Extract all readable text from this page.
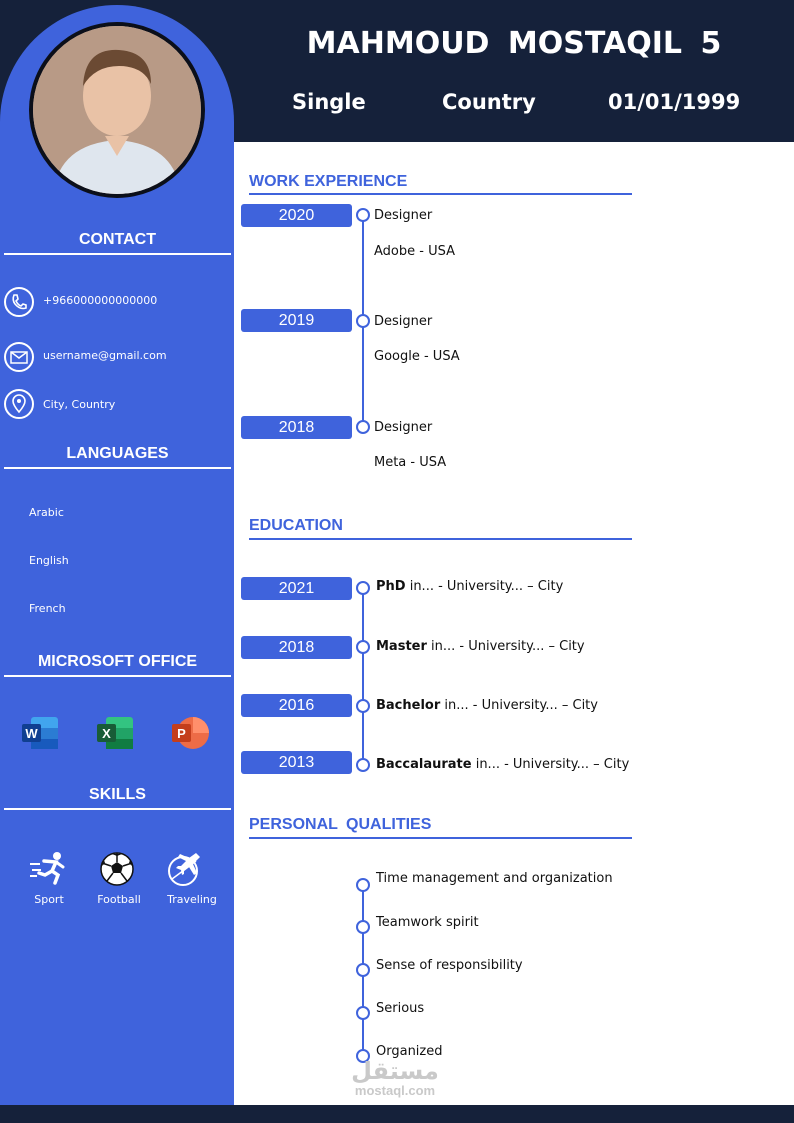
MAHMOUD MOSTAQIL 5
Single	Country	01/01/1999
CONTACT
+966000000000000
username@gmail.com
City, Country
LANGUAGES
Arabic
English
French
MICROSOFT OFFICE
W	X	P
SKILLS
Sport	Football	Traveling
WORK EXPERIENCE
2020	Designer
Adobe - USA
2019	Designer
Google - USA
2018	Designer
Meta - USA
EDUCATION
2021	PhD in... - University... – City
2018	Master in... - University... – City
2016	Bachelor in... - University... – City
2013	Baccalaurate in... - University... – City
PERSONAL QUALITIES
Time management and organization
Teamwork spirit
Sense of responsibility
Serious
Organized
مستقل
mostaql.com
